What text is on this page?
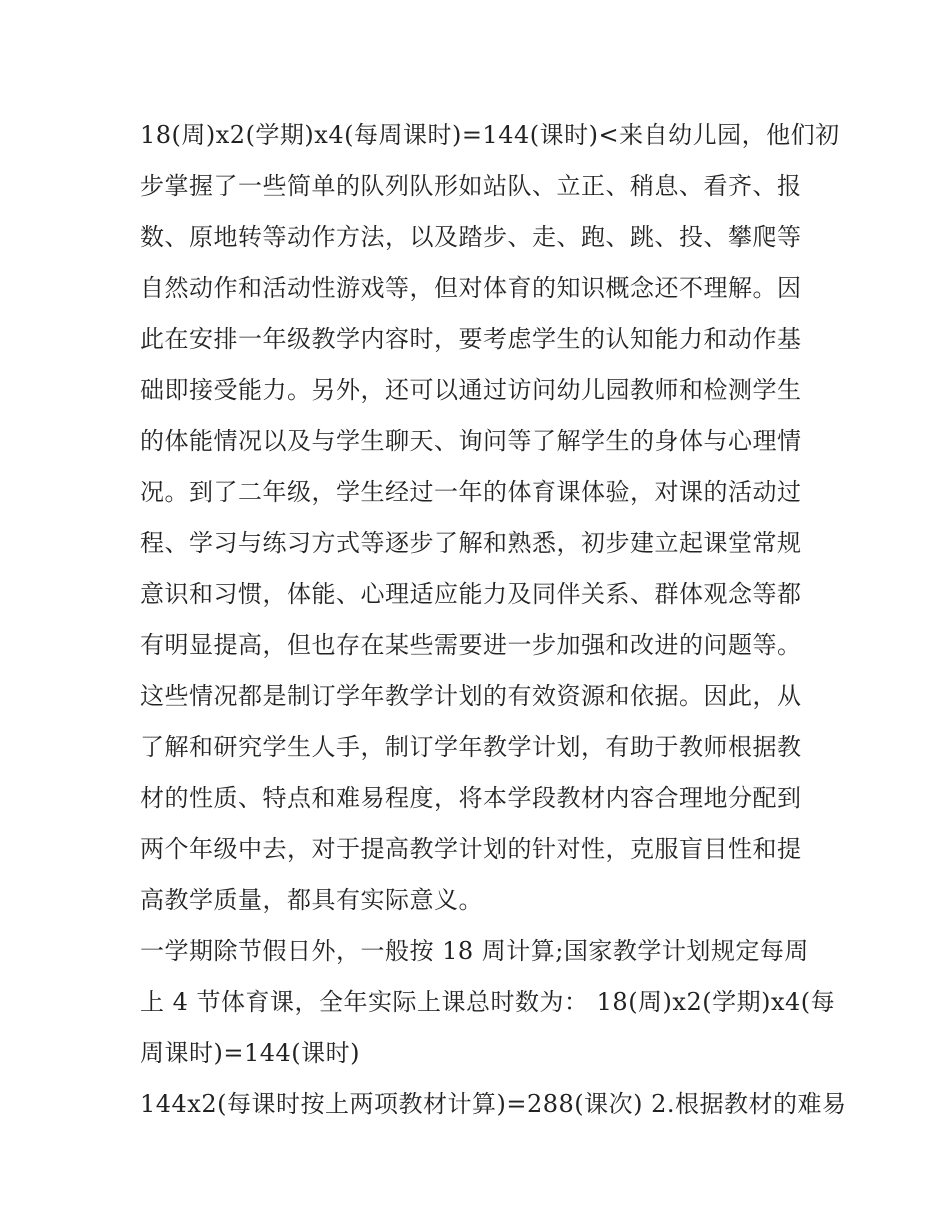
18(周)x2(学期)x4(每周课时)=144(课时)<来自幼儿园，他们初
步掌握了一些简单的队列队形如站队、立正、稍息、看齐、报
数、原地转等动作方法，以及踏步、走、跑、跳、投、攀爬等
自然动作和活动性游戏等，但对体育的知识概念还不理解。因
此在安排一年级教学内容时，要考虑学生的认知能力和动作基
础即接受能力。另外，还可以通过访问幼儿园教师和检测学生
的体能情况以及与学生聊天、询问等了解学生的身体与心理情
况。到了二年级，学生经过一年的体育课体验，对课的活动过
程、学习与练习方式等逐步了解和熟悉，初步建立起课堂常规
意识和习惯，体能、心理适应能力及同伴关系、群体观念等都
有明显提高，但也存在某些需要进一步加强和改进的问题等。
这些情况都是制订学年教学计划的有效资源和依据。因此，从
了解和研究学生人手，制订学年教学计划，有助于教师根据教
材的性质、特点和难易程度，将本学段教材内容合理地分配到
两个年级中去，对于提高教学计划的针对性，克服盲目性和提
高教学质量，都具有实际意义。
一学期除节假日外，一般按 18 周计算;国家教学计划规定每周
上 4 节体育课，全年实际上课总时数为： 18(周)x2(学期)x4(每
周课时)=144(课时)
144x2(每课时按上两项教材计算)=288(课次) 2.根据教材的难易
